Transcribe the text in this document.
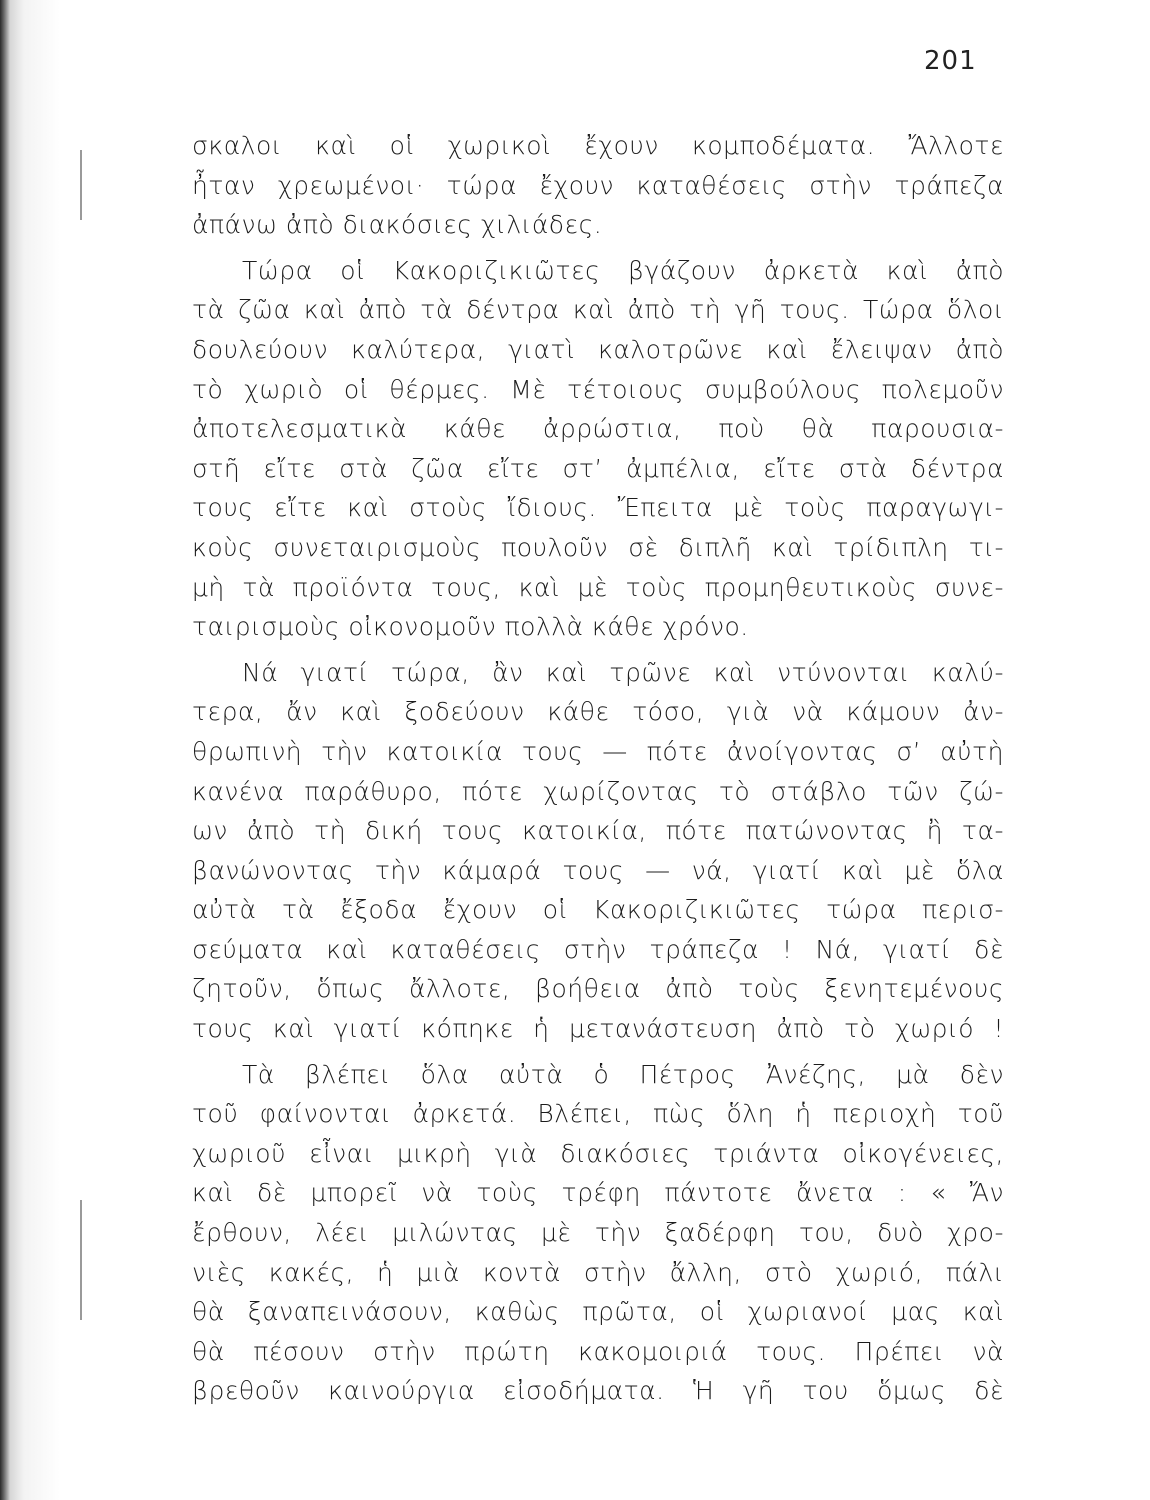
201

σκαλοι καὶ οἱ χωρικοὶ ἔχουν κομποδέματα. Ἄλλοτε
ἦταν χρεωμένοι· τώρα ἔχουν καταθέσεις στὴν τράπεζα
ἀπάνω ἀπὸ διακόσιες χιλιάδες.

Τώρα οἱ Κακοριζικιῶτες βγάζουν ἀρκετὰ καὶ ἀπὸ
τὰ ζῶα καὶ ἀπὸ τὰ δέντρα καὶ ἀπὸ τὴ γῆ τους. Τώρα ὅλοι
δουλεύουν καλύτερα, γιατὶ καλοτρῶνε καὶ ἔλειψαν ἀπὸ
τὸ χωριὸ οἱ θέρμες. Μὲ τέτοιους συμβούλους πολεμοῦν
ἀποτελεσματικὰ κάθε ἀρρώστια, ποὺ θὰ παρουσια-
στῆ εἴτε στὰ ζῶα εἴτε στ’ ἀμπέλια, εἴτε στὰ δέντρα
τους εἴτε καὶ στοὺς ἴδιους. Ἔπειτα μὲ τοὺς παραγωγι-
κοὺς συνεταιρισμοὺς πουλοῦν σὲ διπλῆ καὶ τρίδιπλη τι-
μὴ τὰ προϊόντα τους, καὶ μὲ τοὺς προμηθευτικοὺς συνε-
ταιρισμοὺς οἰκονομοῦν πολλὰ κάθε χρόνο.

Νά γιατί τώρα, ἂν καὶ τρῶνε καὶ ντύνονται καλύ-
τερα, ἄν καὶ ξοδεύουν κάθε τόσο, γιὰ νὰ κάμουν ἀν-
θρωπινὴ τὴν κατοικία τους — πότε ἀνοίγοντας σ’ αὐτὴ
κανένα παράθυρο, πότε χωρίζοντας τὸ στάβλο τῶν ζώ-
ων ἀπὸ τὴ δική τους κατοικία, πότε πατώνοντας ἢ τα-
βανώνοντας τὴν κάμαρά τους — νά, γιατί καὶ μὲ ὅλα
αὐτὰ τὰ ἔξοδα ἔχουν οἱ Κακοριζικιῶτες τώρα περισ-
σεύματα καὶ καταθέσεις στὴν τράπεζα ! Νά, γιατί δὲ
ζητοῦν, ὅπως ἄλλοτε, βοήθεια ἀπὸ τοὺς ξενητεμένους
τους καὶ γιατί κόπηκε ἡ μετανάστευση ἀπὸ τὸ χωριό !

Τὰ βλέπει ὅλα αὐτὰ ὁ Πέτρος Ἀνέζης, μὰ δὲν
τοῦ φαίνονται ἀρκετά. Βλέπει, πὼς ὅλη ἡ περιοχὴ τοῦ
χωριοῦ εἶναι μικρὴ γιὰ διακόσιες τριάντα οἰκογένειες,
καὶ δὲ μπορεῖ νὰ τοὺς τρέφη πάντοτε ἄνετα : « Ἄν
ἔρθουν, λέει μιλώντας μὲ τὴν ξαδέρφη του, δυὸ χρο-
νιὲς κακές, ἡ μιὰ κοντὰ στὴν ἄλλη, στὸ χωριό, πάλι
θὰ ξαναπεινάσουν, καθὼς πρῶτα, οἱ χωριανοί μας καὶ
θὰ πέσουν στὴν πρώτη κακομοιριά τους. Πρέπει νὰ
βρεθοῦν καινούργια εἰσοδήματα. Ἡ γῆ του ὅμως δὲ
